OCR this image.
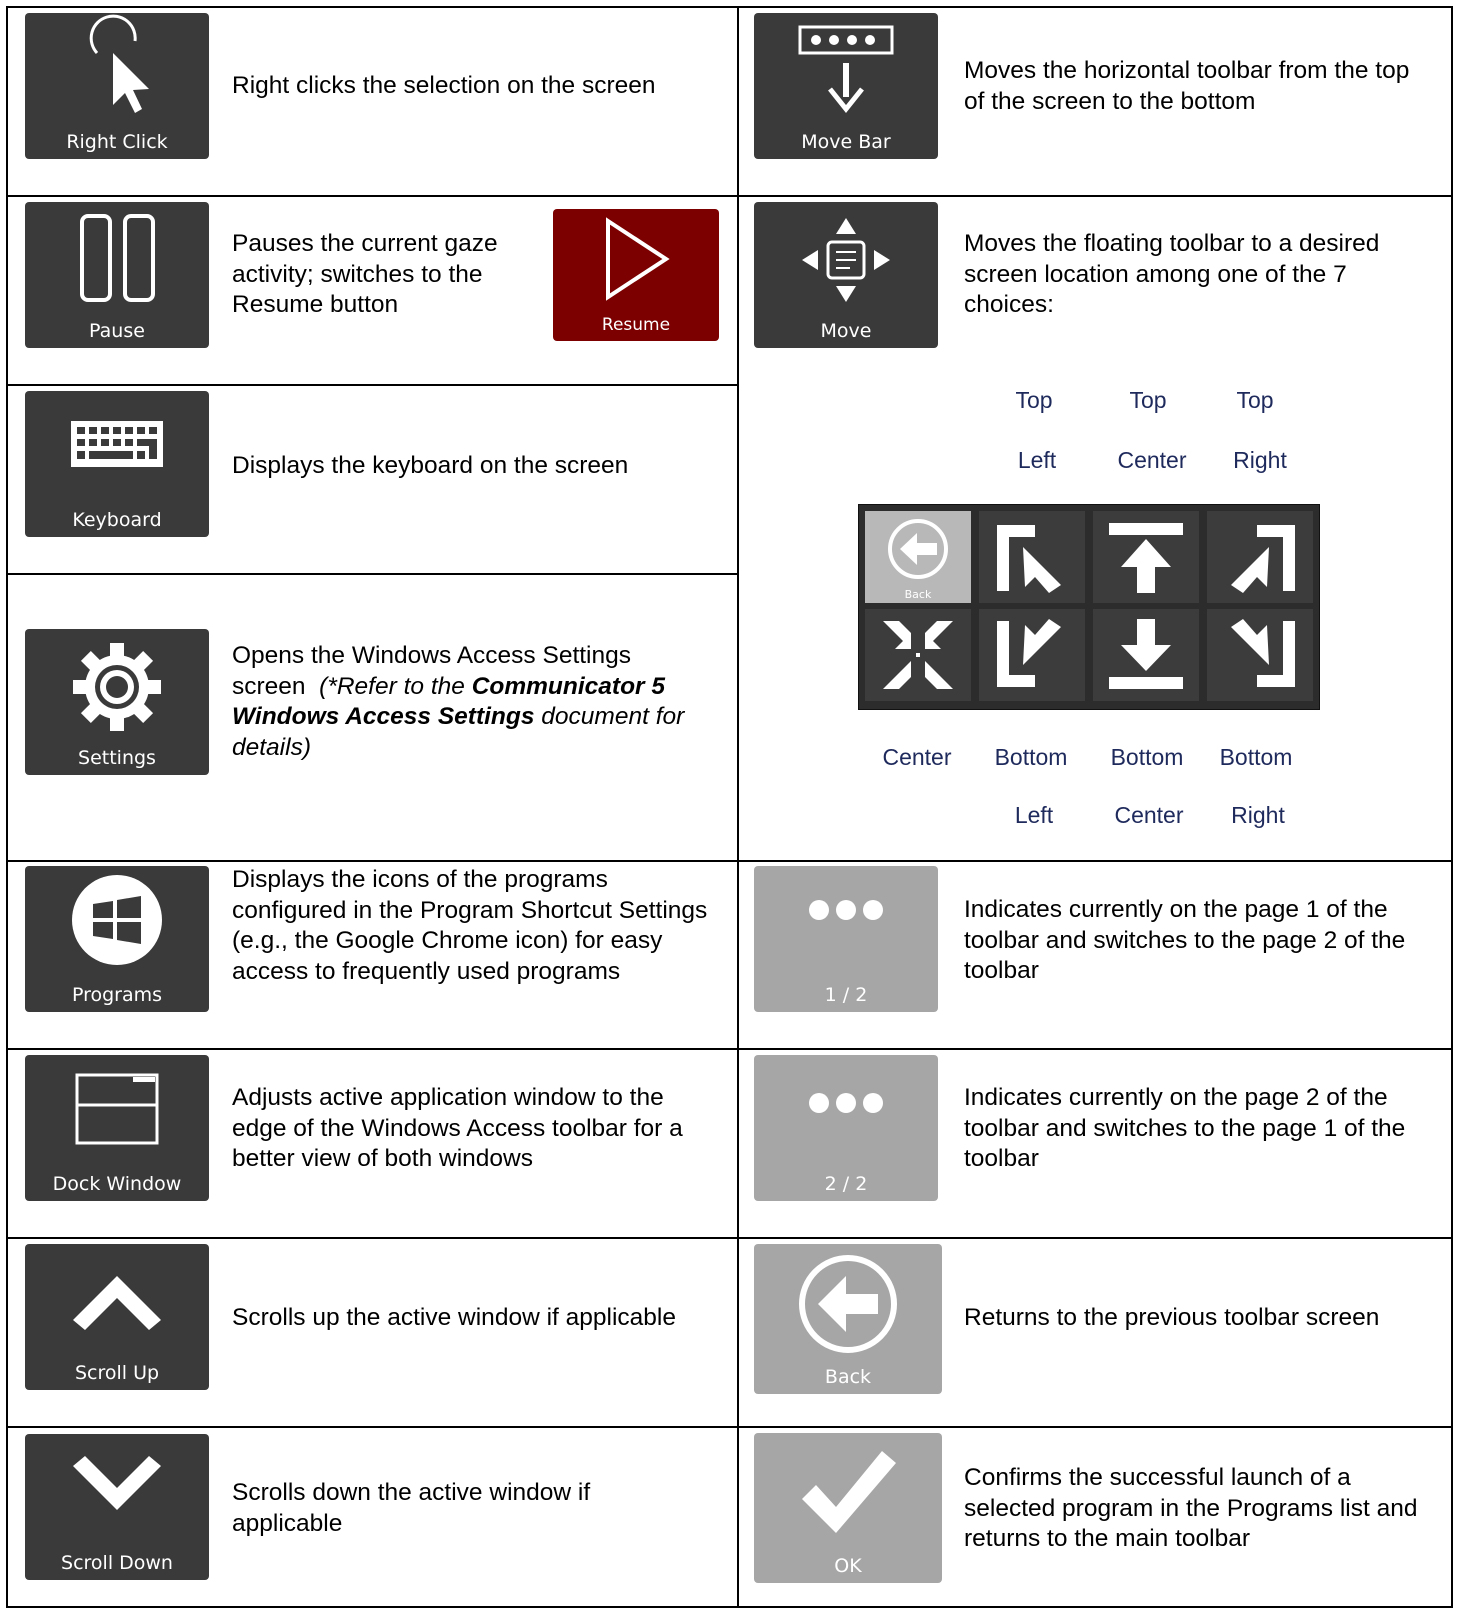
Right Click
Right clicks the selection on the screen
Move Bar
Moves the horizontal toolbar from the top of the screen to the bottom
Pause
Pauses the current gaze activity; switches to the Resume button
Resume	Move
Moves the floating toolbar to a desired screen location among one of the 7 choices:
Top
Left
Top
Center
Top
Right
Back
Center	Bottom
Left
Bottom
Center
Bottom
Right
Keyboard
Displays the keyboard on the screen
Settings
Opens the Windows Access Settings screen (*Refer to the Communicator 5 Windows Access Settings document for details)
Programs
Displays the icons of the programs configured in the Program Shortcut Settings (e.g., the Google Chrome icon) for easy access to frequently used programs
1 / 2
Indicates currently on the page 1 of the toolbar and switches to the page 2 of the toolbar
Dock Window
Adjusts active application window to the edge of the Windows Access toolbar for a better view of both windows
2 / 2
Indicates currently on the page 2 of the toolbar and switches to the page 1 of the toolbar
Scroll Up
Scrolls up the active window if applicable
Back
Returns to the previous toolbar screen
Scroll Down
Scrolls down the active window if applicable
OK
Confirms the successful launch of a selected program in the Programs list and returns to the main toolbar
